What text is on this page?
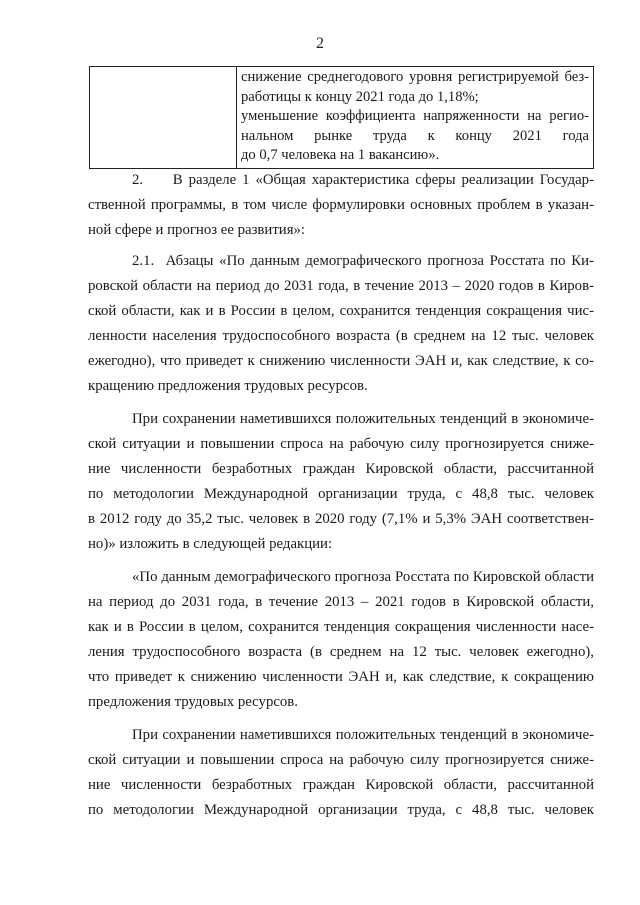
2

снижение среднегодового уровня регистрируемой без-
работицы к концу 2021 года до 1,18%;
уменьшение коэффициента напряженности на регио-
нальном рынке труда к концу 2021 года
до 0,7 человека на 1 вакансию».
2.     В разделе 1 «Общая характеристика сферы реализации Государ-
ственной программы, в том числе формулировки основных проблем в указан-
ной сфере и прогноз ее развития»:
2.1.  Абзацы «По данным демографического прогноза Росстата по Ки-
ровской области на период до 2031 года, в течение 2013 – 2020 годов в Киров-
ской области, как и в России в целом, сохранится тенденция сокращения чис-
ленности населения трудоспособного возраста (в среднем на 12 тыс. человек
ежегодно), что приведет к снижению численности ЭАН и, как следствие, к со-
кращению предложения трудовых ресурсов.
При сохранении наметившихся положительных тенденций в экономиче-
ской ситуации и повышении спроса на рабочую силу прогнозируется сниже-
ние численности безработных граждан Кировской области, рассчитанной
по методологии Международной организации труда, с 48,8 тыс. человек
в 2012 году до 35,2 тыс. человек в 2020 году (7,1% и 5,3% ЭАН соответствен-
но)» изложить в следующей редакции:
«По данным демографического прогноза Росстата по Кировской области
на период до 2031 года, в течение 2013 – 2021 годов в Кировской области,
как и в России в целом, сохранится тенденция сокращения численности насе-
ления трудоспособного возраста (в среднем на 12 тыс. человек ежегодно),
что приведет к снижению численности ЭАН и, как следствие, к сокращению
предложения трудовых ресурсов.
При сохранении наметившихся положительных тенденций в экономиче-
ской ситуации и повышении спроса на рабочую силу прогнозируется сниже-
ние численности безработных граждан Кировской области, рассчитанной
по методологии Международной организации труда, с 48,8 тыс. человек
